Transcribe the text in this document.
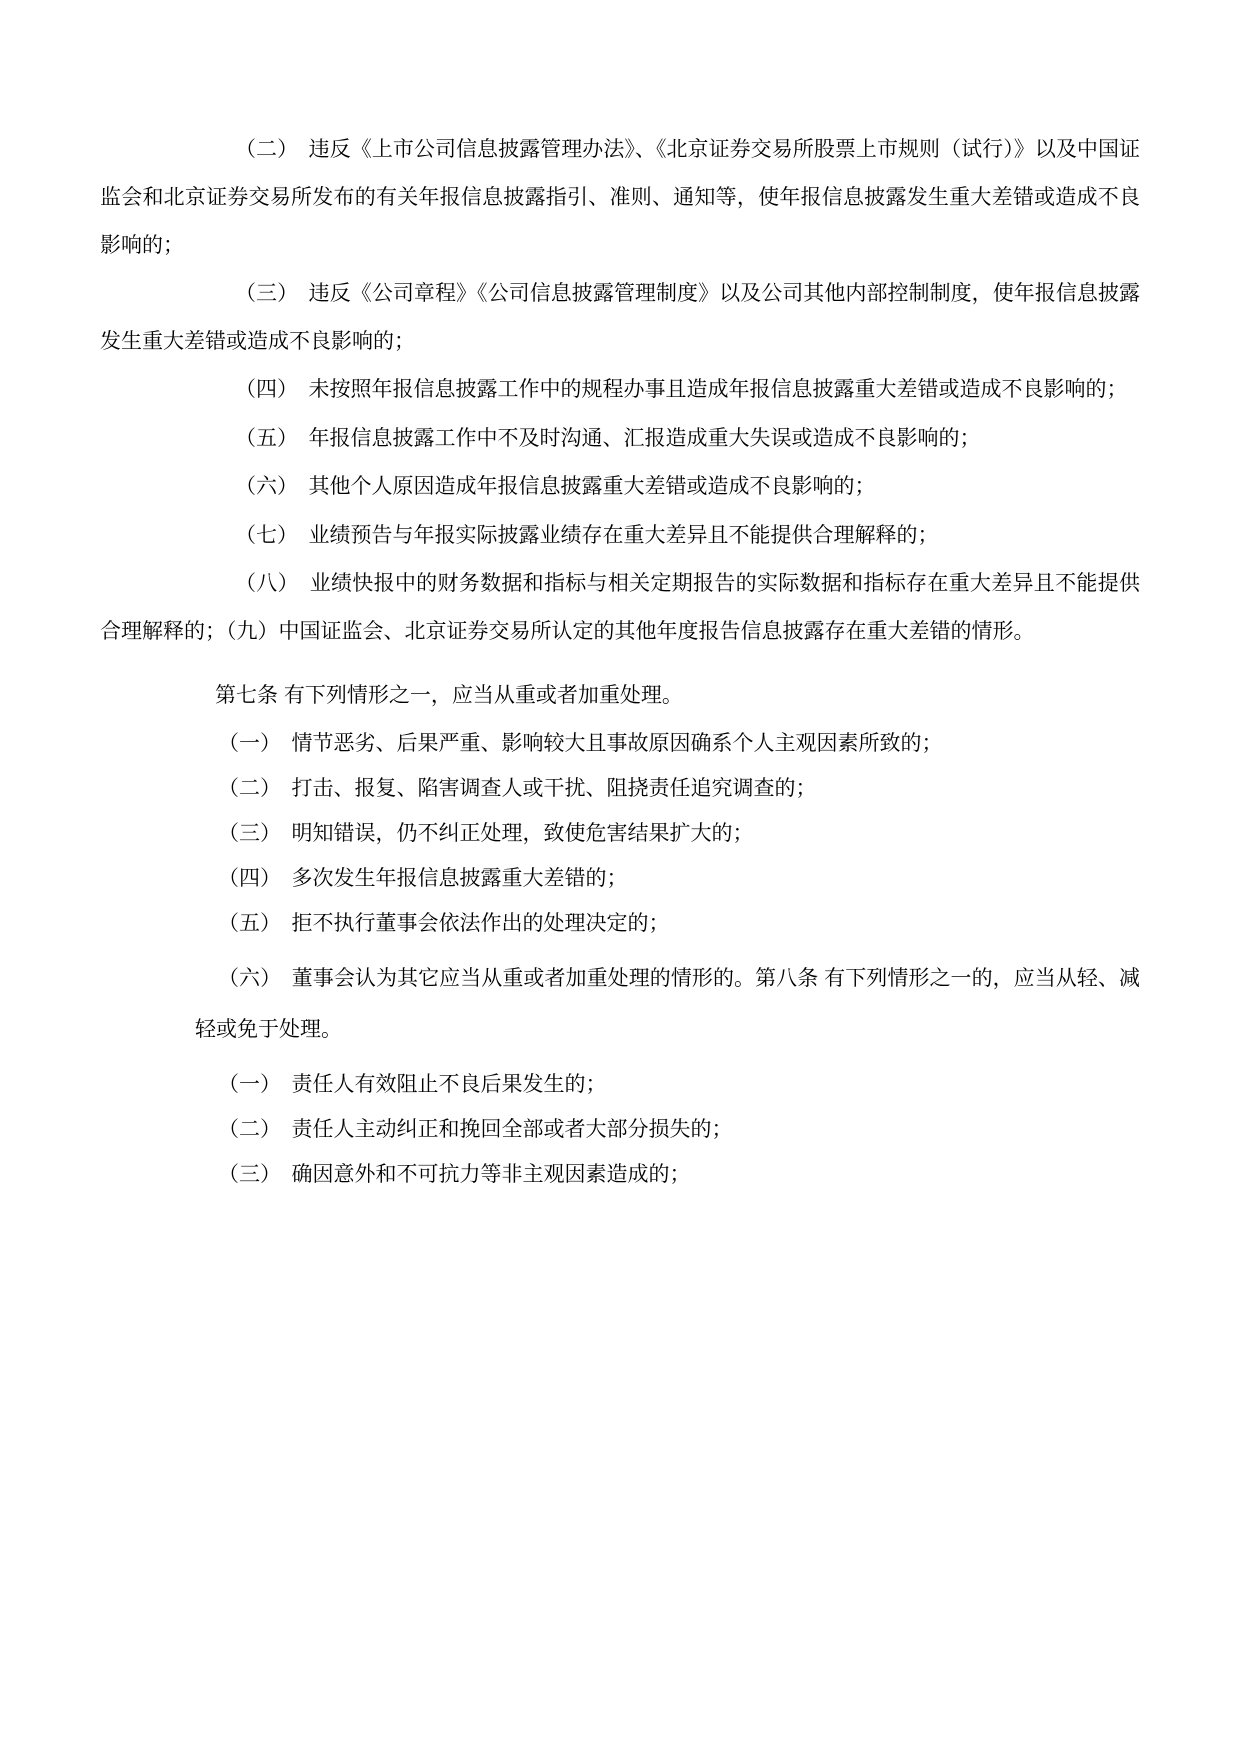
（二）　违反《上市公司信息披露管理办法》、《北京证券交易所股票上市规则（试行）》以及中国证监会和北京证券交易所发布的有关年报信息披露指引、准则、通知等，使年报信息披露发生重大差错或造成不良影响的；

（三）　违反《公司章程》《公司信息披露管理制度》以及公司其他内部控制制度，使年报信息披露发生重大差错或造成不良影响的；

（四）　未按照年报信息披露工作中的规程办事且造成年报信息披露重大差错或造成不良影响的；

（五）　年报信息披露工作中不及时沟通、汇报造成重大失误或造成不良影响的；

（六）　其他个人原因造成年报信息披露重大差错或造成不良影响的；

（七）　业绩预告与年报实际披露业绩存在重大差异且不能提供合理解释的；

（八）　业绩快报中的财务数据和指标与相关定期报告的实际数据和指标存在重大差异且不能提供合理解释的；（九）中国证监会、北京证券交易所认定的其他年度报告信息披露存在重大差错的情形。

第七条 有下列情形之一，应当从重或者加重处理。

（一）　情节恶劣、后果严重、影响较大且事故原因确系个人主观因素所致的；

（二）　打击、报复、陷害调查人或干扰、阻挠责任追究调查的；

（三）　明知错误，仍不纠正处理，致使危害结果扩大的；

（四）　多次发生年报信息披露重大差错的；

（五）　拒不执行董事会依法作出的处理决定的；

（六）　董事会认为其它应当从重或者加重处理的情形的。第八条 有下列情形之一的，应当从轻、减轻或免于处理。

（一）　责任人有效阻止不良后果发生的；

（二）　责任人主动纠正和挽回全部或者大部分损失的；

（三）　确因意外和不可抗力等非主观因素造成的；
